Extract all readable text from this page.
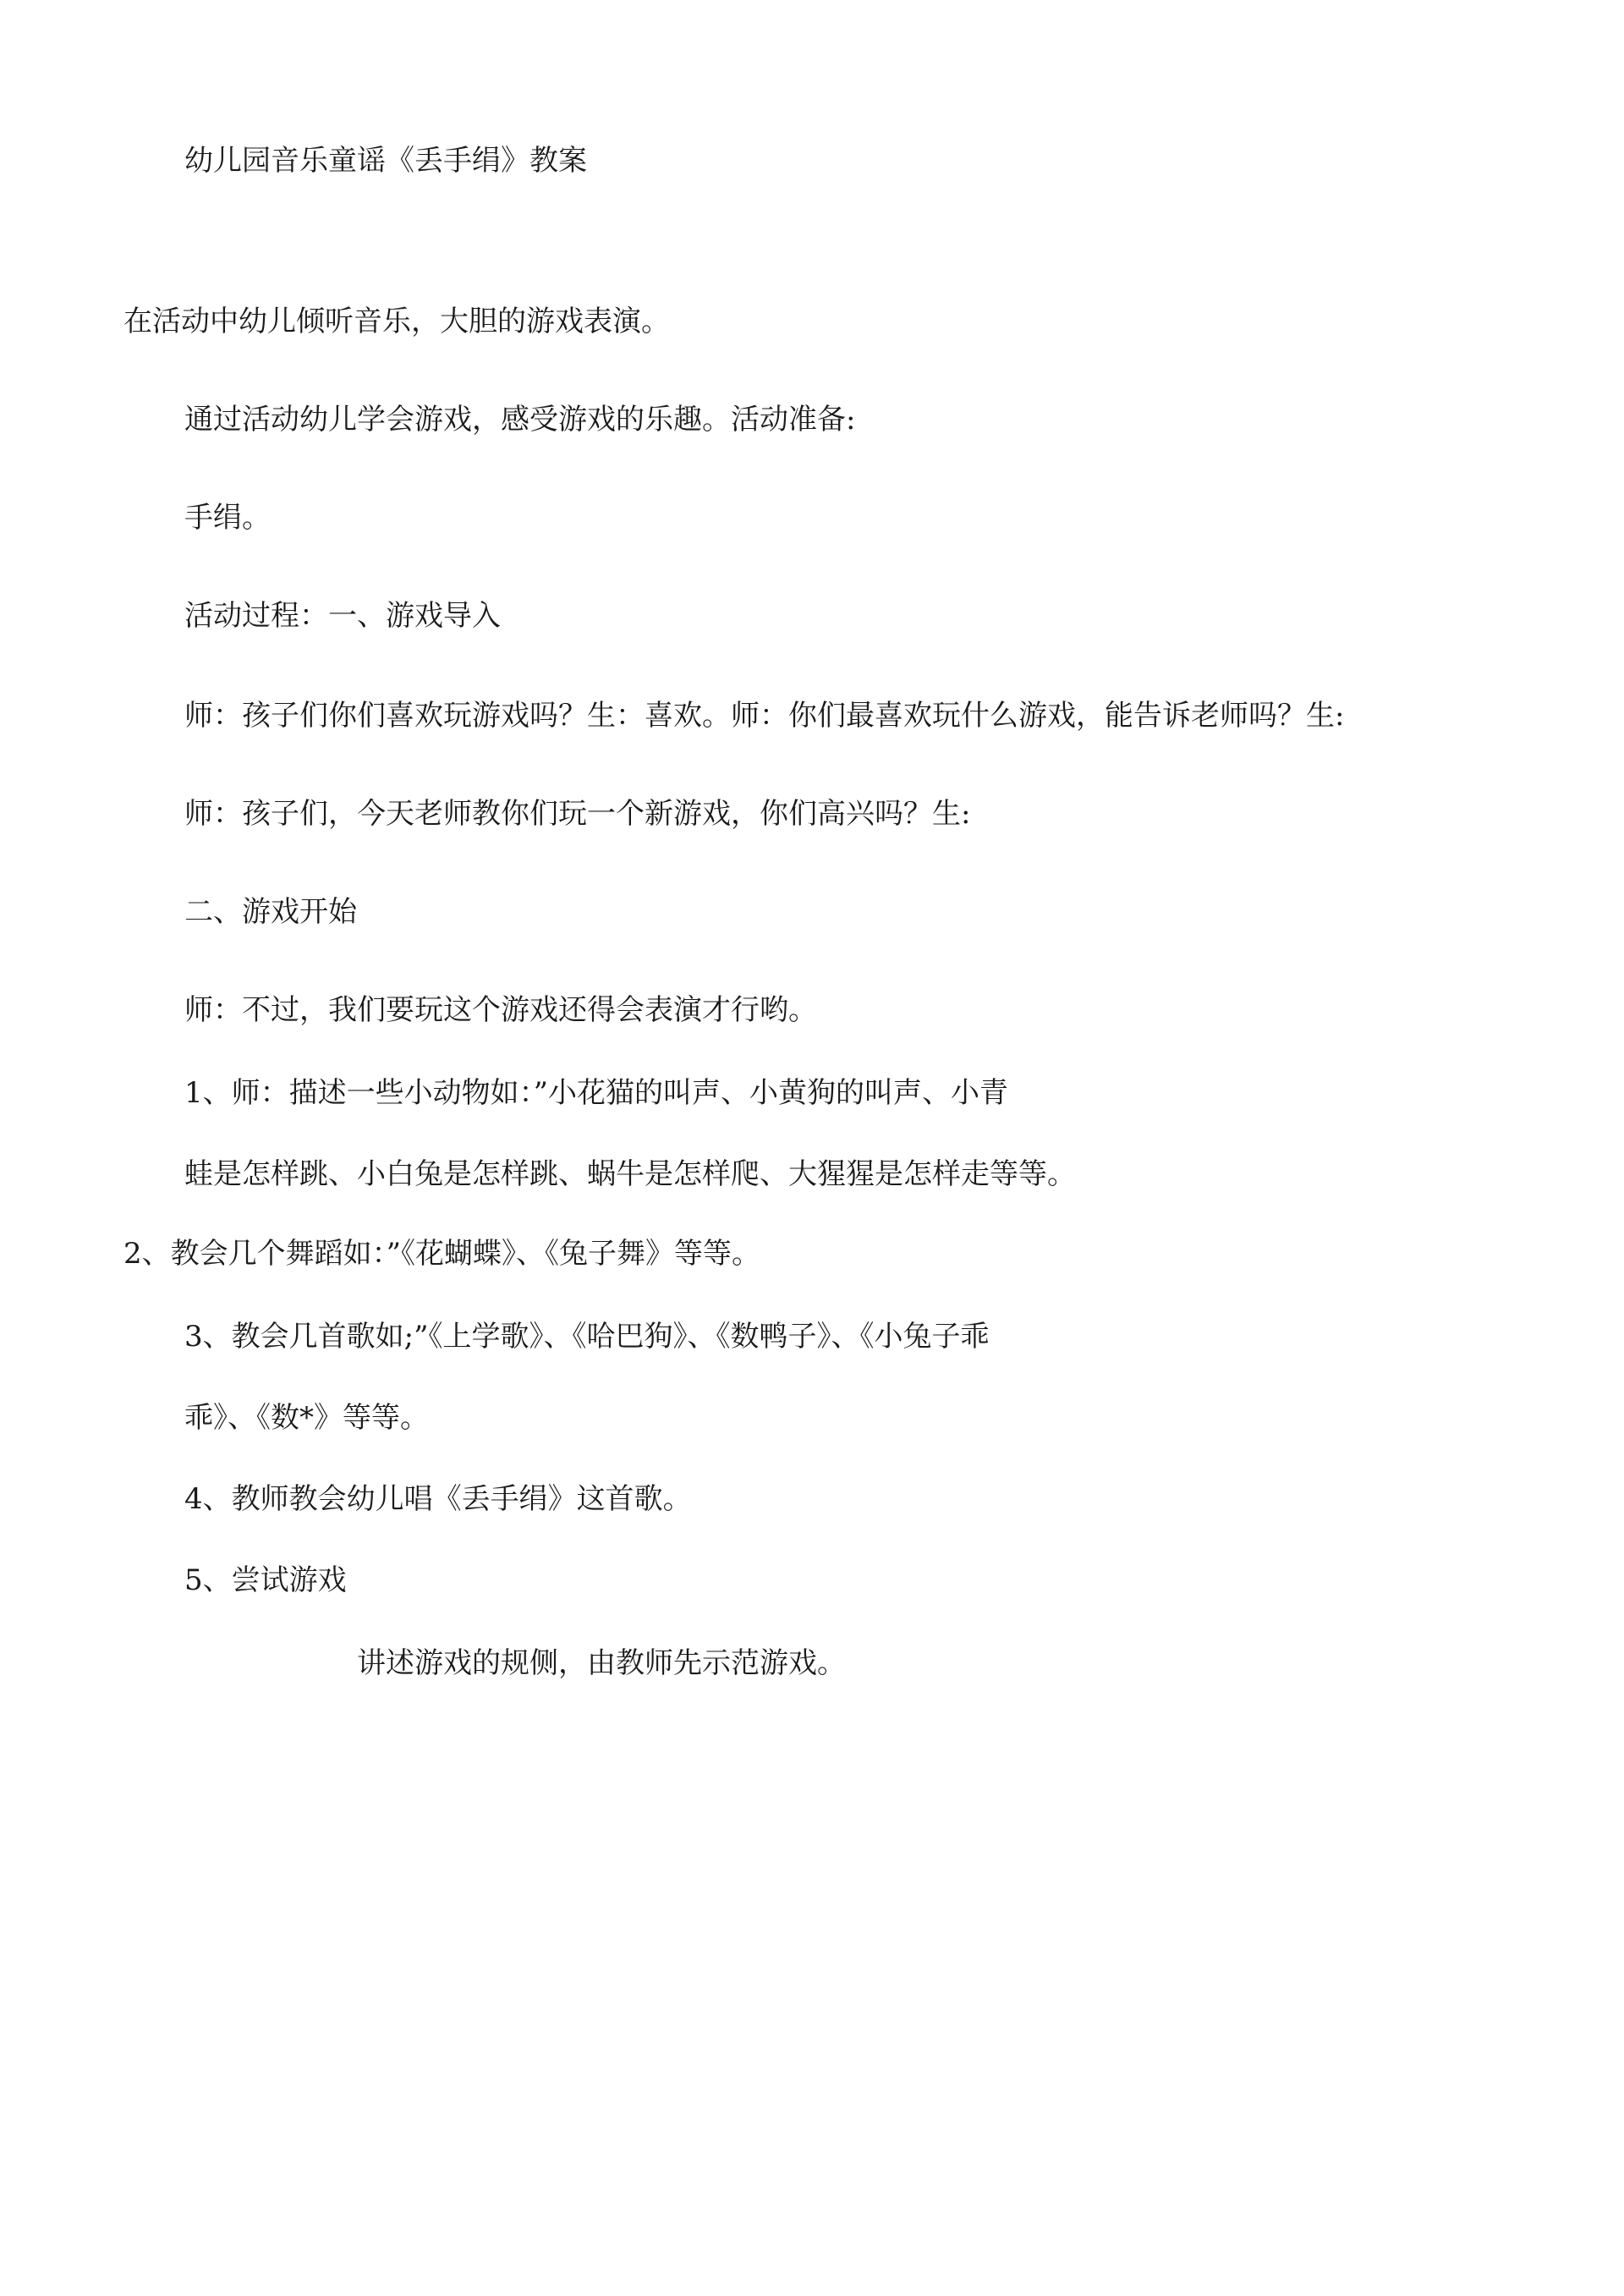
幼儿园音乐童谣《丢手绢》教案

在活动中幼儿倾听音乐，大胆的游戏表演。

通过活动幼儿学会游戏，感受游戏的乐趣。活动准备:

手绢。

活动过程：一、游戏导入

师：孩子们你们喜欢玩游戏吗？生：喜欢。师：你们最喜欢玩什么游戏，能告诉老师吗？生:

师：孩子们，今天老师教你们玩一个新游戏，你们高兴吗？生:

二、游戏开始

师：不过，我们要玩这个游戏还得会表演才行哟。

1、师：描述一些小动物如：”小花猫的叫声、小黄狗的叫声、小青

蛙是怎样跳、小白兔是怎样跳、蜗牛是怎样爬、大猩猩是怎样走等等。

2、教会几个舞蹈如：”《花蝴蝶》、《兔子舞》等等。

3、教会几首歌如;”《上学歌》、《哈巴狗》、《数鸭子》、《小兔子乖

乖》、《数*》等等。

4、教师教会幼儿唱《丢手绢》这首歌。

5、尝试游戏

讲述游戏的规侧，由教师先示范游戏。
